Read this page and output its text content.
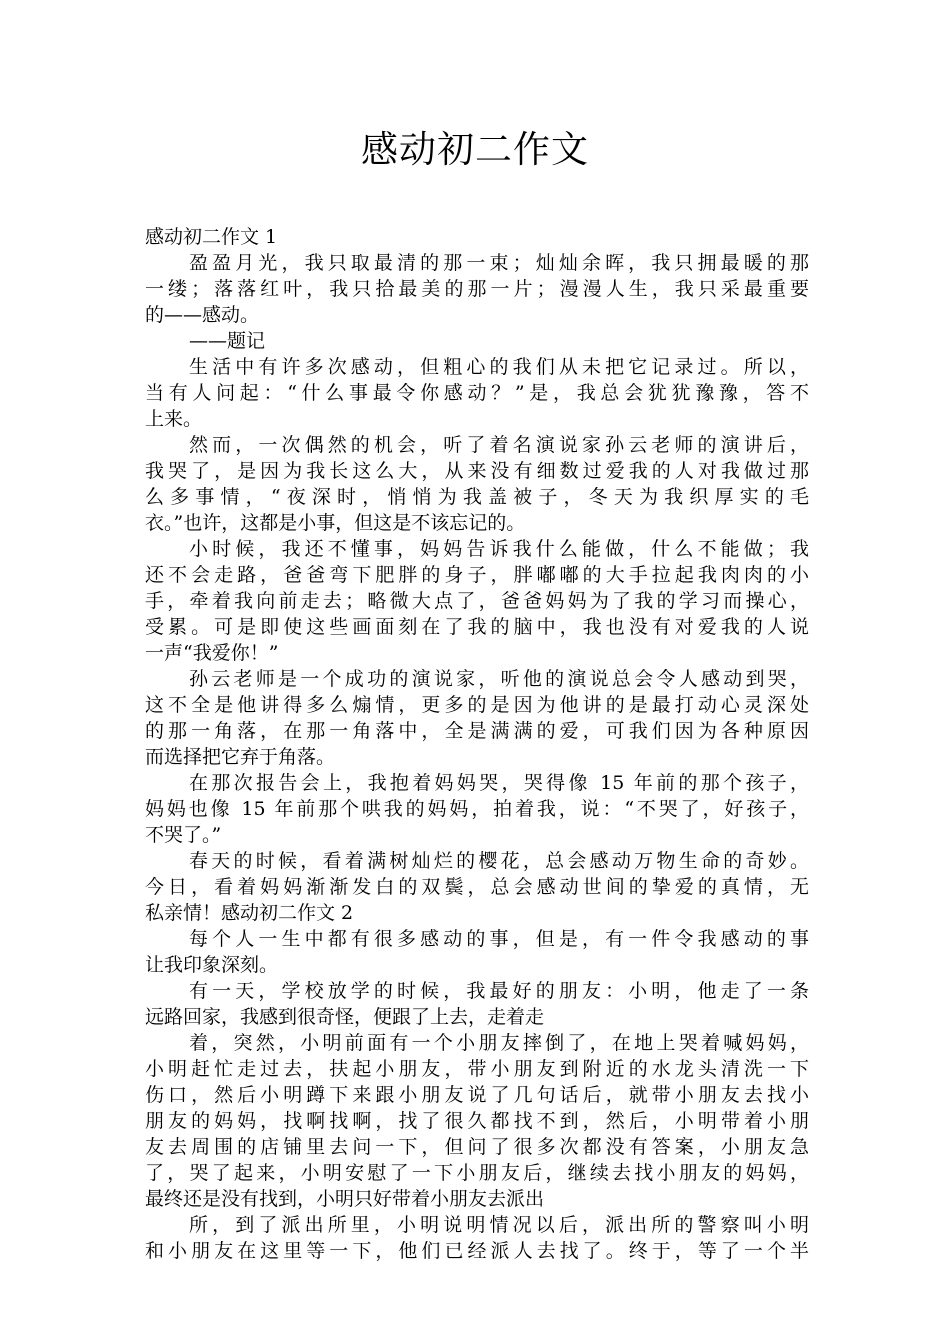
感动初二作文
感动初二作文 1
盈盈月光，我只取最清的那一束；灿灿余晖，我只拥最暖的那
一缕；落落红叶，我只拾最美的那一片；漫漫人生，我只采最重要
的——感动。
——题记
生活中有许多次感动，但粗心的我们从未把它记录过。所以，
当有人问起：“什么事最令你感动？”是，我总会犹犹豫豫，答不
上来。
然而，一次偶然的机会，听了着名演说家孙云老师的演讲后，
我哭了，是因为我长这么大，从来没有细数过爱我的人对我做过那
么多事情，“夜深时，悄悄为我盖被子，冬天为我织厚实的毛
衣。”也许，这都是小事，但这是不该忘记的。
小时候，我还不懂事，妈妈告诉我什么能做，什么不能做；我
还不会走路，爸爸弯下肥胖的身子，胖嘟嘟的大手拉起我肉肉的小
手，牵着我向前走去；略微大点了，爸爸妈妈为了我的学习而操心，
受累。可是即使这些画面刻在了我的脑中，我也没有对爱我的人说
一声“我爱你！”
孙云老师是一个成功的演说家，听他的演说总会令人感动到哭，
这不全是他讲得多么煽情，更多的是因为他讲的是最打动心灵深处
的那一角落，在那一角落中，全是满满的爱，可我们因为各种原因
而选择把它弃于角落。
在那次报告会上，我抱着妈妈哭，哭得像 15 年前的那个孩子，
妈妈也像 15 年前那个哄我的妈妈，拍着我，说：“不哭了，好孩子，
不哭了。”
春天的时候，看着满树灿烂的樱花，总会感动万物生命的奇妙。
今日，看着妈妈渐渐发白的双鬓，总会感动世间的挚爱的真情，无
私亲情！感动初二作文 2
每个人一生中都有很多感动的事，但是，有一件令我感动的事
让我印象深刻。
有一天，学校放学的时候，我最好的朋友：小明，他走了一条
远路回家，我感到很奇怪，便跟了上去，走着走
着，突然，小明前面有一个小朋友摔倒了，在地上哭着喊妈妈，
小明赶忙走过去，扶起小朋友，带小朋友到附近的水龙头清洗一下
伤口，然后小明蹲下来跟小朋友说了几句话后，就带小朋友去找小
朋友的妈妈，找啊找啊，找了很久都找不到，然后，小明带着小朋
友去周围的店铺里去问一下，但问了很多次都没有答案，小朋友急
了，哭了起来，小明安慰了一下小朋友后，继续去找小朋友的妈妈，
最终还是没有找到，小明只好带着小朋友去派出
所，到了派出所里，小明说明情况以后，派出所的警察叫小明
和小朋友在这里等一下，他们已经派人去找了。终于，等了一个半
